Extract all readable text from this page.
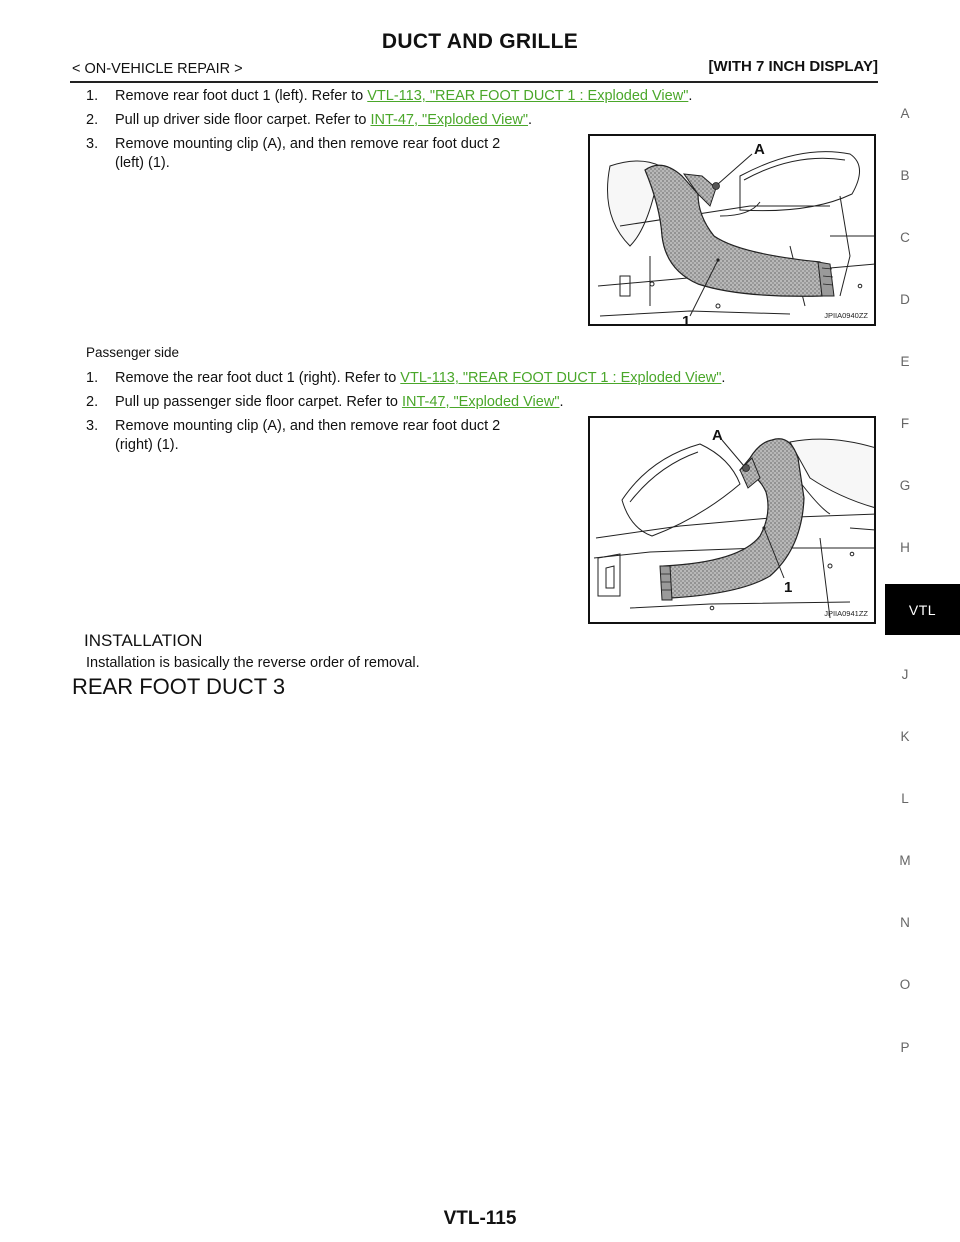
DUCT AND GRILLE
< ON-VEHICLE REPAIR >	[WITH 7 INCH DISPLAY]
1. Remove rear foot duct 1 (left). Refer to VTL-113, "REAR FOOT DUCT 1 : Exploded View".
2. Pull up driver side floor carpet. Refer to INT-47, "Exploded View".
3. Remove mounting clip (A), and then remove rear foot duct 2
(left) (1).
A
1	JPIIA0940ZZ
Passenger side
1. Remove the rear foot duct 1 (right). Refer to VTL-113, "REAR FOOT DUCT 1 : Exploded View".
2. Pull up passenger side floor carpet. Refer to INT-47, "Exploded View".
3. Remove mounting clip (A), and then remove rear foot duct 2
(right) (1).
A
1
JPIIA0941ZZ
INSTALLATION
Installation is basically the reverse order of removal.
REAR FOOT DUCT 3
A
B
C
D
E
F
G
H
VTL
J
K
L
M
N
O
P
VTL-115
